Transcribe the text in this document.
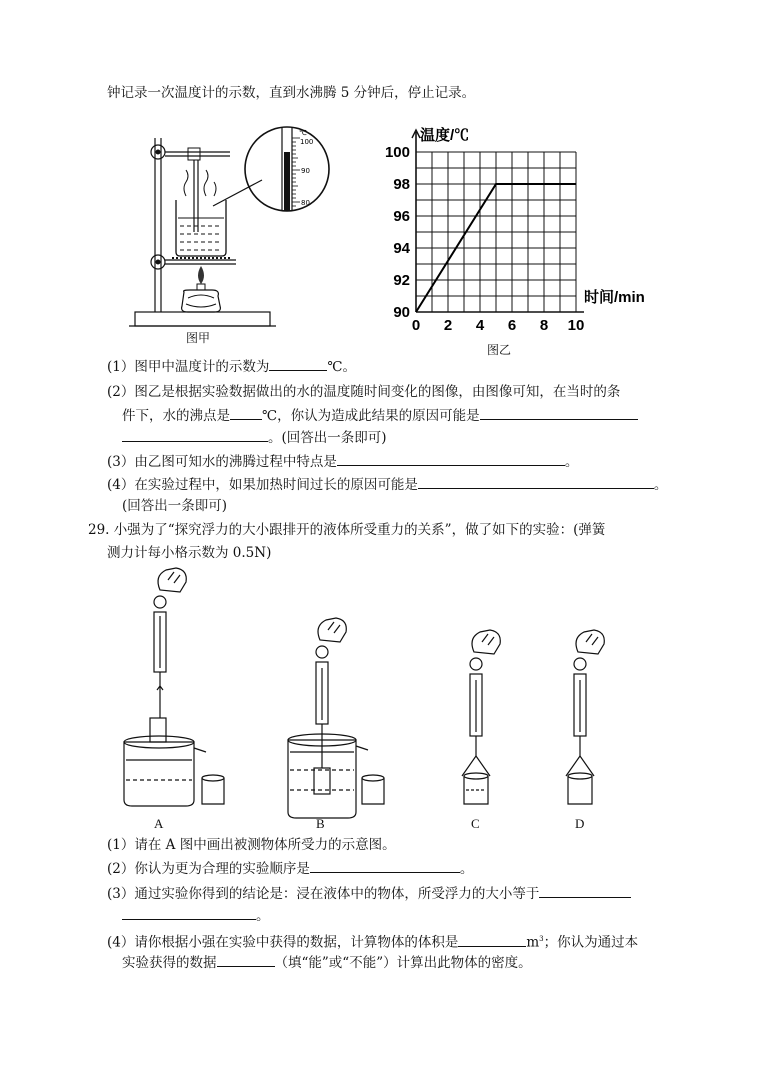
钟记录一次温度计的示数，直到水沸腾 5 分钟后，停止记录。
℃
100
90
80
图甲
0 2 4 6 8 10
90
92
94
96
98
100
温度/℃
时间/min
图乙
(1）图甲中温度计的示数为	℃。
(2）图乙是根据实验数据做出的水的温度随时间变化的图像，由图像可知，在当时的条
件下，水的沸点是 ℃，你认为造成此结果的原因可能是
。(回答出一条即可)
(3）由乙图可知水的沸腾过程中特点是	。
(4）在实验过程中，如果加热时间过长的原因可能是	。
(回答出一条即可)
29. 小强为了“探究浮力的大小跟排开的液体所受重力的关系”，做了如下的实验：(弹簧
测力计每小格示数为 0.5N)
A	B	C	D
(1）请在 A 图中画出被测物体所受力的示意图。
(2）你认为更为合理的实验顺序是	。
(3）通过实验你得到的结论是：浸在液体中的物体，所受浮力的大小等于
。
(4）请你根据小强在实验中获得的数据，计算物体的体积是	$m^3$；你认为通过本
实验获得的数据	（填“能”或“不能”）计算出此物体的密度。
